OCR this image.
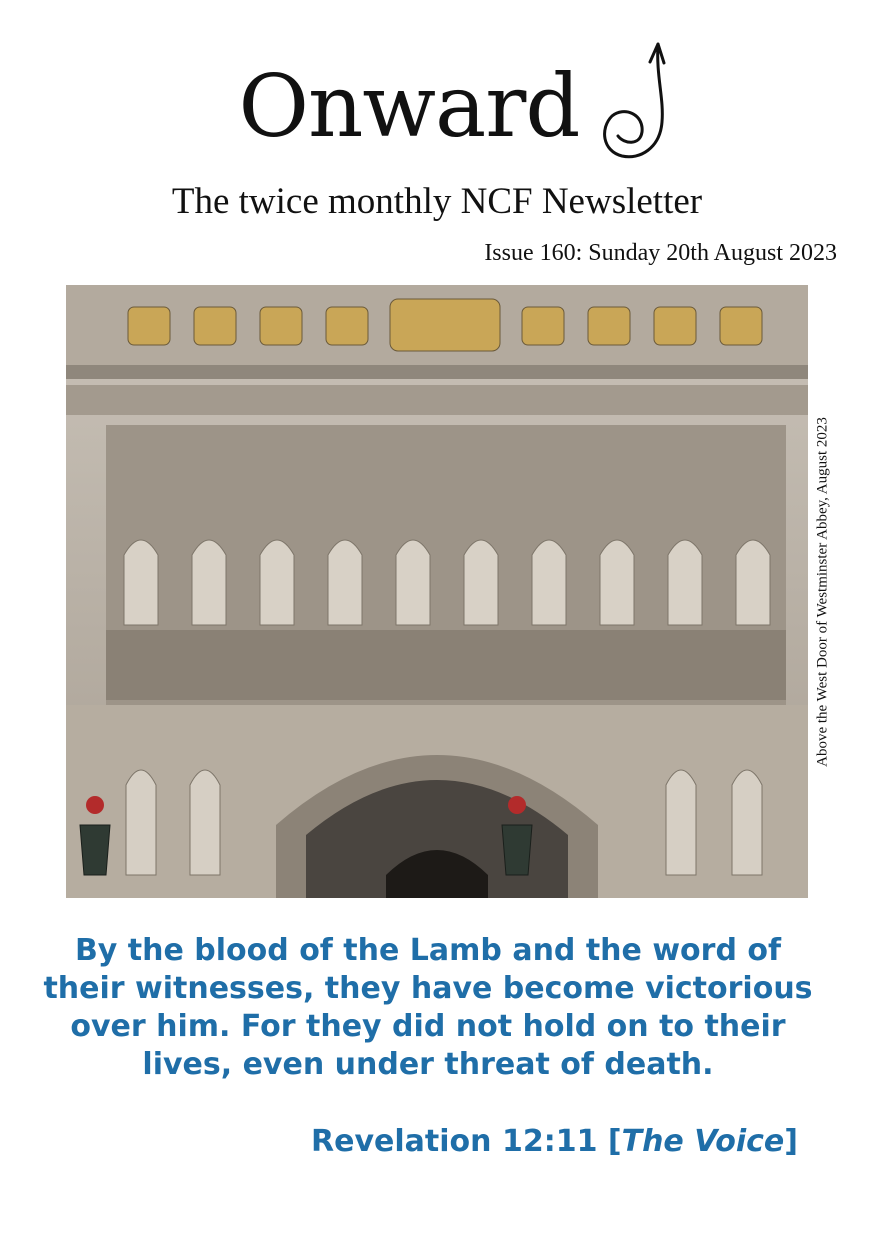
Onward
The twice monthly NCF Newsletter
Issue 160: Sunday 20th August 2023
Above the West Door of Westminster Abbey, August 2023
By the blood of the Lamb and the word of their witnesses, they have become victorious over him. For they did not hold on to their lives, even under threat of death.
Revelation 12:11 [The Voice]
